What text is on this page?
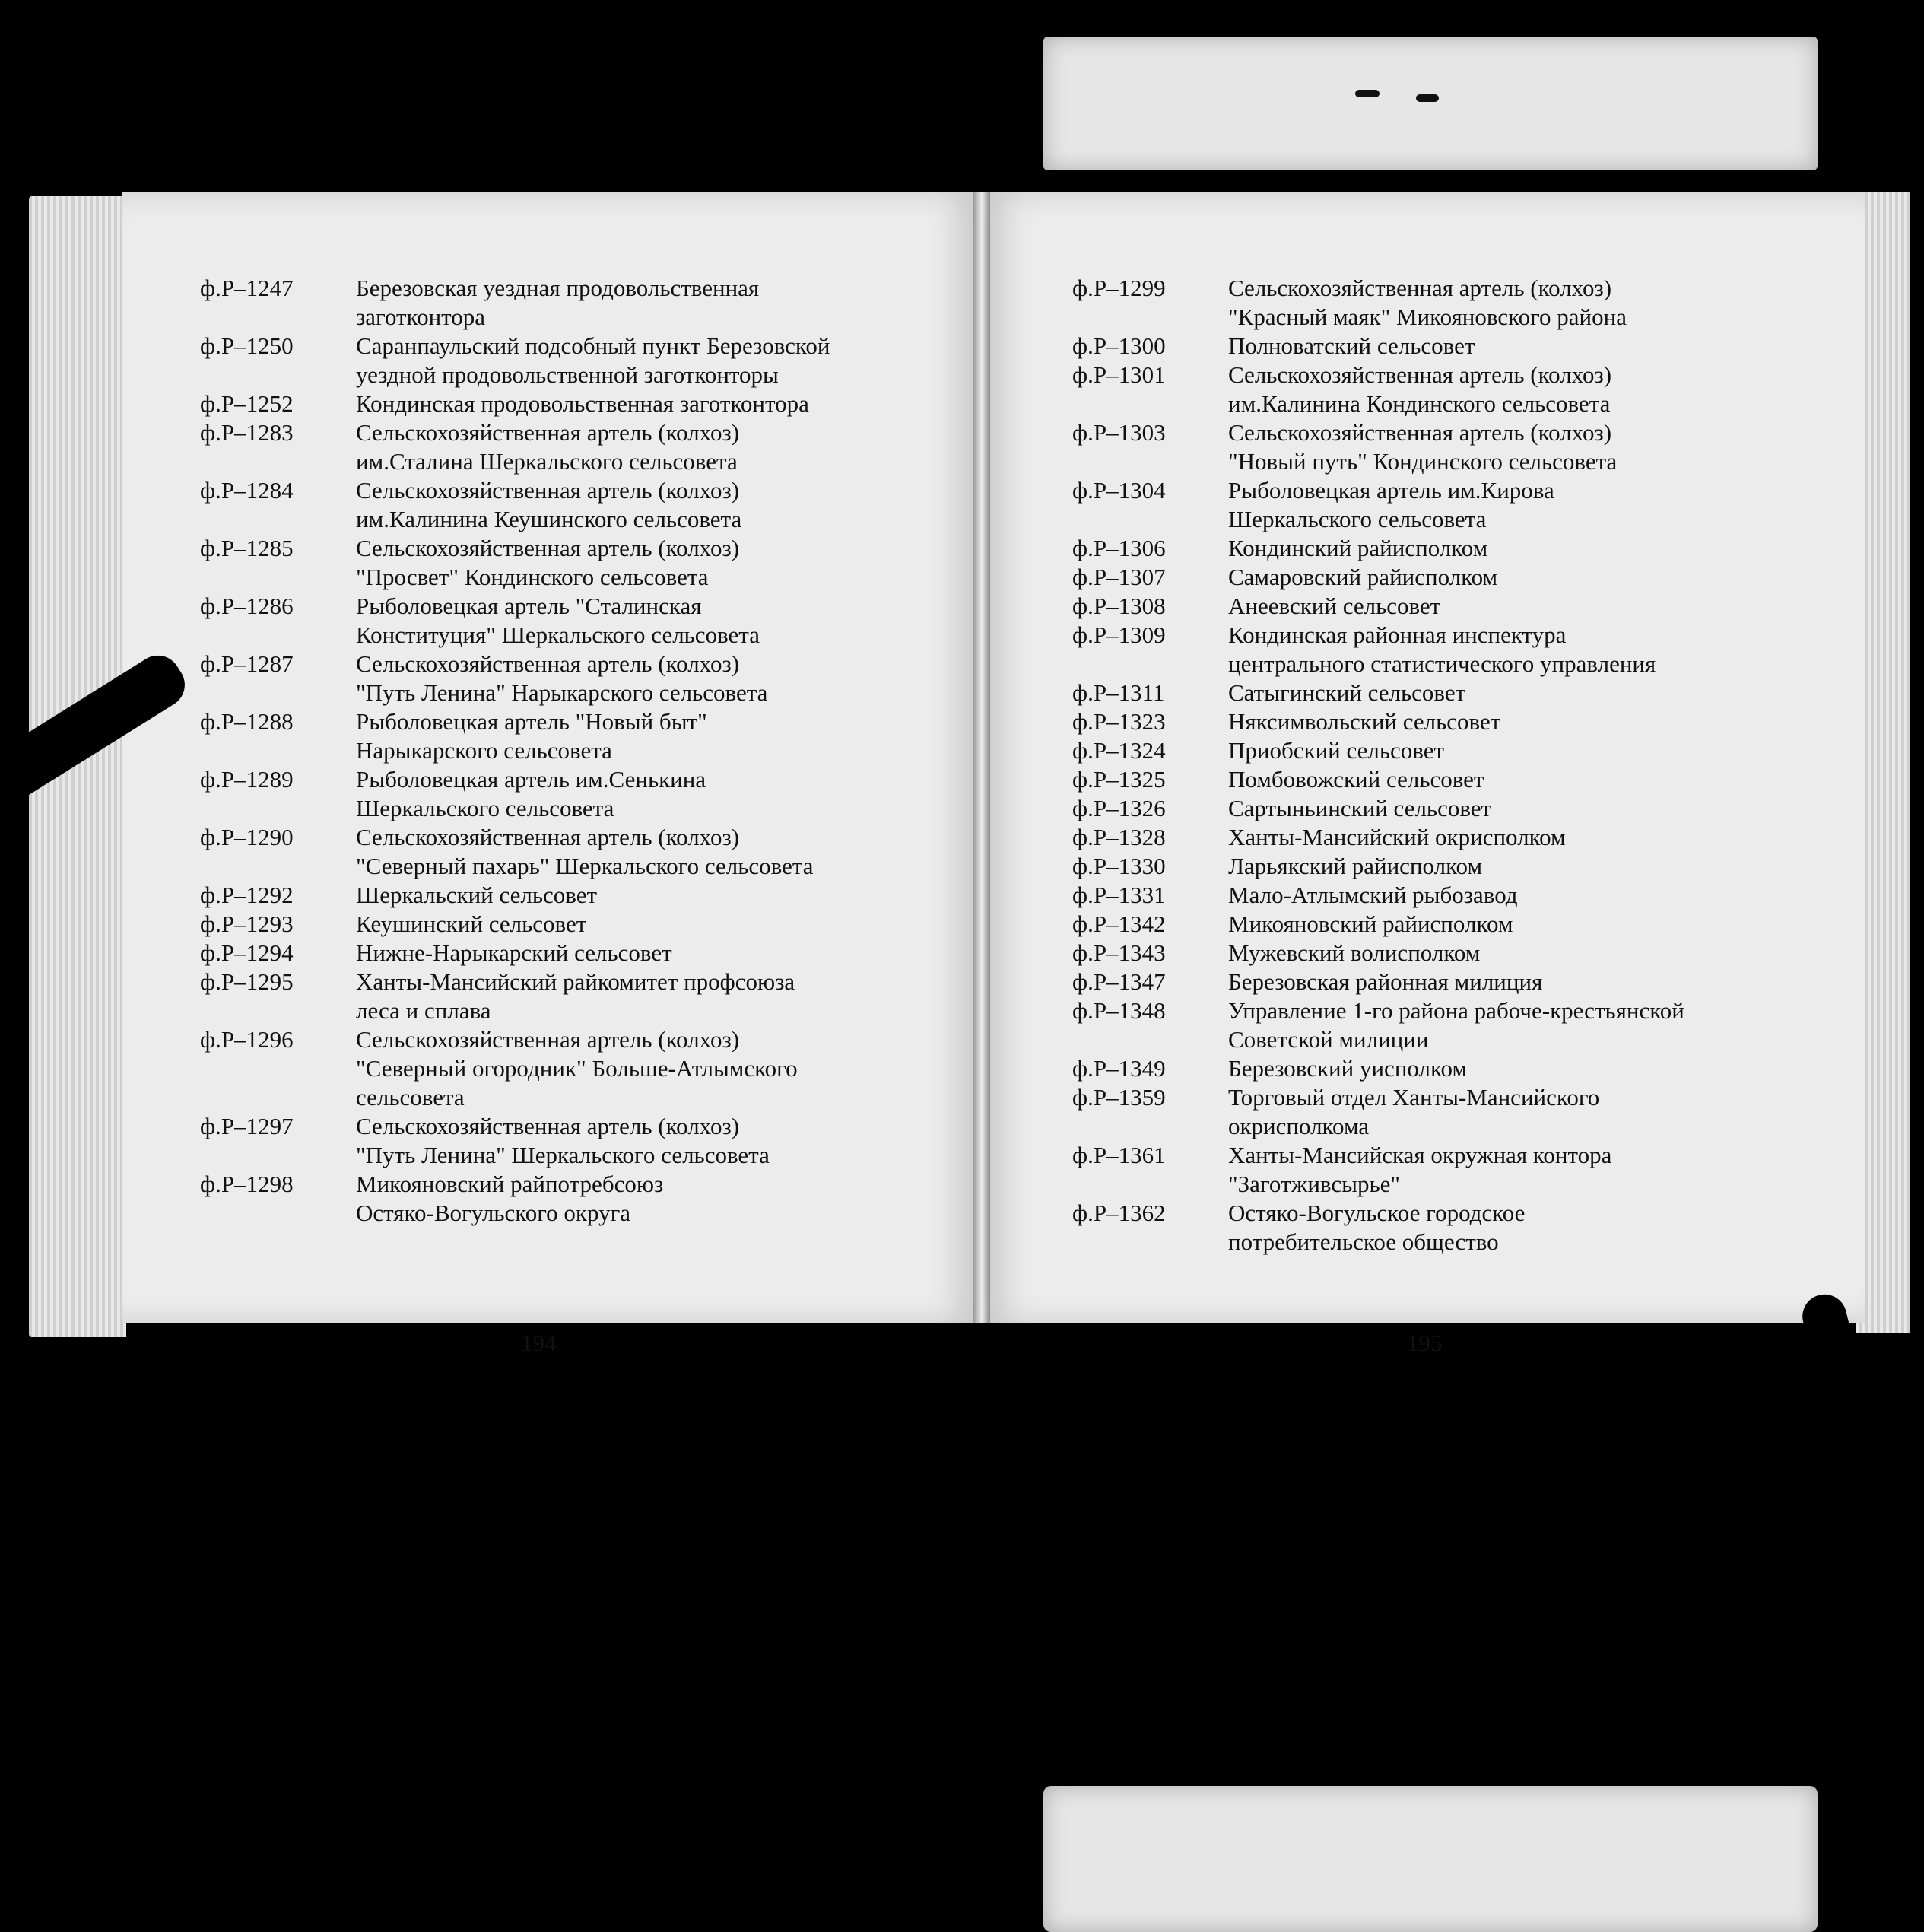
ф.Р–1247	Березовская уездная продовольственная
заготконтора
ф.Р–1250	Саранпаульский подсобный пункт Березовской
уездной продовольственной заготконторы
ф.Р–1252	Кондинская продовольственная заготконтора
ф.Р–1283	Сельскохозяйственная артель (колхоз)
им.Сталина Шеркальского сельсовета
ф.Р–1284	Сельскохозяйственная артель (колхоз)
им.Калинина Кеушинского сельсовета
ф.Р–1285	Сельскохозяйственная артель (колхоз)
"Просвет" Кондинского сельсовета
ф.Р–1286	Рыболовецкая артель "Сталинская
Конституция" Шеркальского сельсовета
ф.Р–1287	Сельскохозяйственная артель (колхоз)
"Путь Ленина" Нарыкарского сельсовета
ф.Р–1288	Рыболовецкая артель "Новый быт"
Нарыкарского сельсовета
ф.Р–1289	Рыболовецкая артель им.Сенькина
Шеркальского сельсовета
ф.Р–1290	Сельскохозяйственная артель (колхоз)
"Северный пахарь" Шеркальского сельсовета
ф.Р–1292	Шеркальский сельсовет
ф.Р–1293	Кеушинский сельсовет
ф.Р–1294	Нижне-Нарыкарский сельсовет
ф.Р–1295	Ханты-Мансийский райкомитет профсоюза
леса и сплава
ф.Р–1296	Сельскохозяйственная артель (колхоз)
"Северный огородник" Больше-Атлымского
сельсовета
ф.Р–1297	Сельскохозяйственная артель (колхоз)
"Путь Ленина" Шеркальского сельсовета
ф.Р–1298	Микояновский райпотребсоюз
Остяко-Вогульского округа
ф.Р–1299	Сельскохозяйственная артель (колхоз)
"Красный маяк" Микояновского района
ф.Р–1300	Полноватский сельсовет
ф.Р–1301	Сельскохозяйственная артель (колхоз)
им.Калинина Кондинского сельсовета
ф.Р–1303	Сельскохозяйственная артель (колхоз)
"Новый путь" Кондинского сельсовета
ф.Р–1304	Рыболовецкая артель им.Кирова
Шеркальского сельсовета
ф.Р–1306	Кондинский райисполком
ф.Р–1307	Самаровский райисполком
ф.Р–1308	Анеевский сельсовет
ф.Р–1309	Кондинская районная инспектура
центрального статистического управления
ф.Р–1311	Сатыгинский сельсовет
ф.Р–1323	Няксимвольский сельсовет
ф.Р–1324	Приобский сельсовет
ф.Р–1325	Помбовожский сельсовет
ф.Р–1326	Сартыньинский сельсовет
ф.Р–1328	Ханты-Мансийский окрисполком
ф.Р–1330	Ларьякский райисполком
ф.Р–1331	Мало-Атлымский рыбозавод
ф.Р–1342	Микояновский райисполком
ф.Р–1343	Мужевский волисполком
ф.Р–1347	Березовская районная милиция
ф.Р–1348	Управление 1-го района рабоче-крестьянской
Советской милиции
ф.Р–1349	Березовский уисполком
ф.Р–1359	Торговый отдел Ханты-Мансийского
окрисполкома
ф.Р–1361	Ханты-Мансийская окружная контора
"Заготживсырье"
ф.Р–1362	Остяко-Вогульское городское
потребительское общество
194	195
